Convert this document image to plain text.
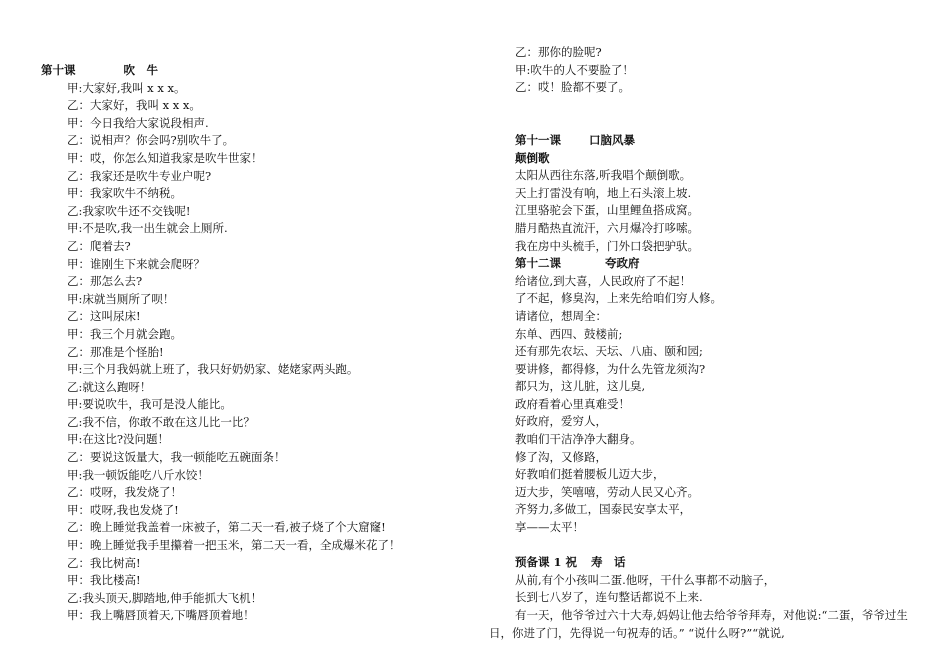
第十课	吹　牛
甲:大家好,我叫 x x x。
乙：大家好，我叫 x x x。
甲：今日我给大家说段相声.
乙：说相声？你会吗?别吹牛了。
甲：哎，你怎么知道我家是吹牛世家！
乙：我家还是吹牛专业户呢?
甲：我家吹牛不纳税。
乙:我家吹牛还不交钱呢!
甲:不是吹,我一出生就会上厕所.
乙：爬着去?
甲：谁刚生下来就会爬呀？
乙：那怎么去?
甲:床就当厕所了呗！
乙：这叫尿床!
甲：我三个月就会跑。
乙：那准是个怪胎!
甲:三个月我妈就上班了，我只好奶奶家、姥姥家两头跑。
乙:就这么跑呀！
甲:要说吹牛，我可是没人能比。
乙:我不信，你敢不敢在这儿比一比？
甲:在这比?没问题！
乙：要说这饭量大，我一顿能吃五碗面条！
甲:我一顿饭能吃八斤水饺！
乙：哎呀，我发烧了！
甲：哎呀,我也发烧了!
乙：晚上睡觉我盖着一床被子，第二天一看,被子烧了个大窟窿!
甲：晚上睡觉我手里攥着一把玉米，第二天一看，全成爆米花了！
乙：我比树高!
甲：我比楼高!
乙:我头顶天,脚踏地,伸手能抓大飞机！
甲：我上嘴唇顶着天,下嘴唇顶着地！
乙：那你的脸呢?
甲:吹牛的人不要脸了！
乙：哎！脸都不要了。
第十一课 口脑风暴
颠倒歌
太阳从西往东落,听我唱个颠倒歌。
天上打雷没有响，地上石头滚上坡.
江里骆驼会下蛋，山里鲤鱼搭成窝。
腊月酷热直流汗，六月爆冷打哆嗦。
我在房中头梳手，门外口袋把驴驮。
第十二课	夸政府
给诸位,到大喜，人民政府了不起！
了不起，修臭沟，上来先给咱们穷人修。
请诸位，想周全：
东单、西四、鼓楼前;
还有那先农坛、天坛、八庙、颐和园;
要讲修，都得修，为什么先管龙须沟?
都只为，这儿脏，这儿臭,
政府看着心里真难受！
好政府，爱穷人，
教咱们干洁净净大翻身。
修了沟，又修路，
好教咱们挺着腰板儿迈大步，
迈大步，笑嘻嘻，劳动人民又心齐。
齐努力,多做工，国泰民安享太平，
享——太平！
预备课 1 祝 寿　话
从前,有个小孩叫二蛋.他呀，干什么事都不动脑子，
长到七八岁了，连句整话都说不上来.
有一天，他爷爷过六十大寿,妈妈让他去给爷爷拜寿，对他说:“二蛋，爷爷过生日，你进了门，先得说一句祝寿的话。” “说什么呀?”“就说,
